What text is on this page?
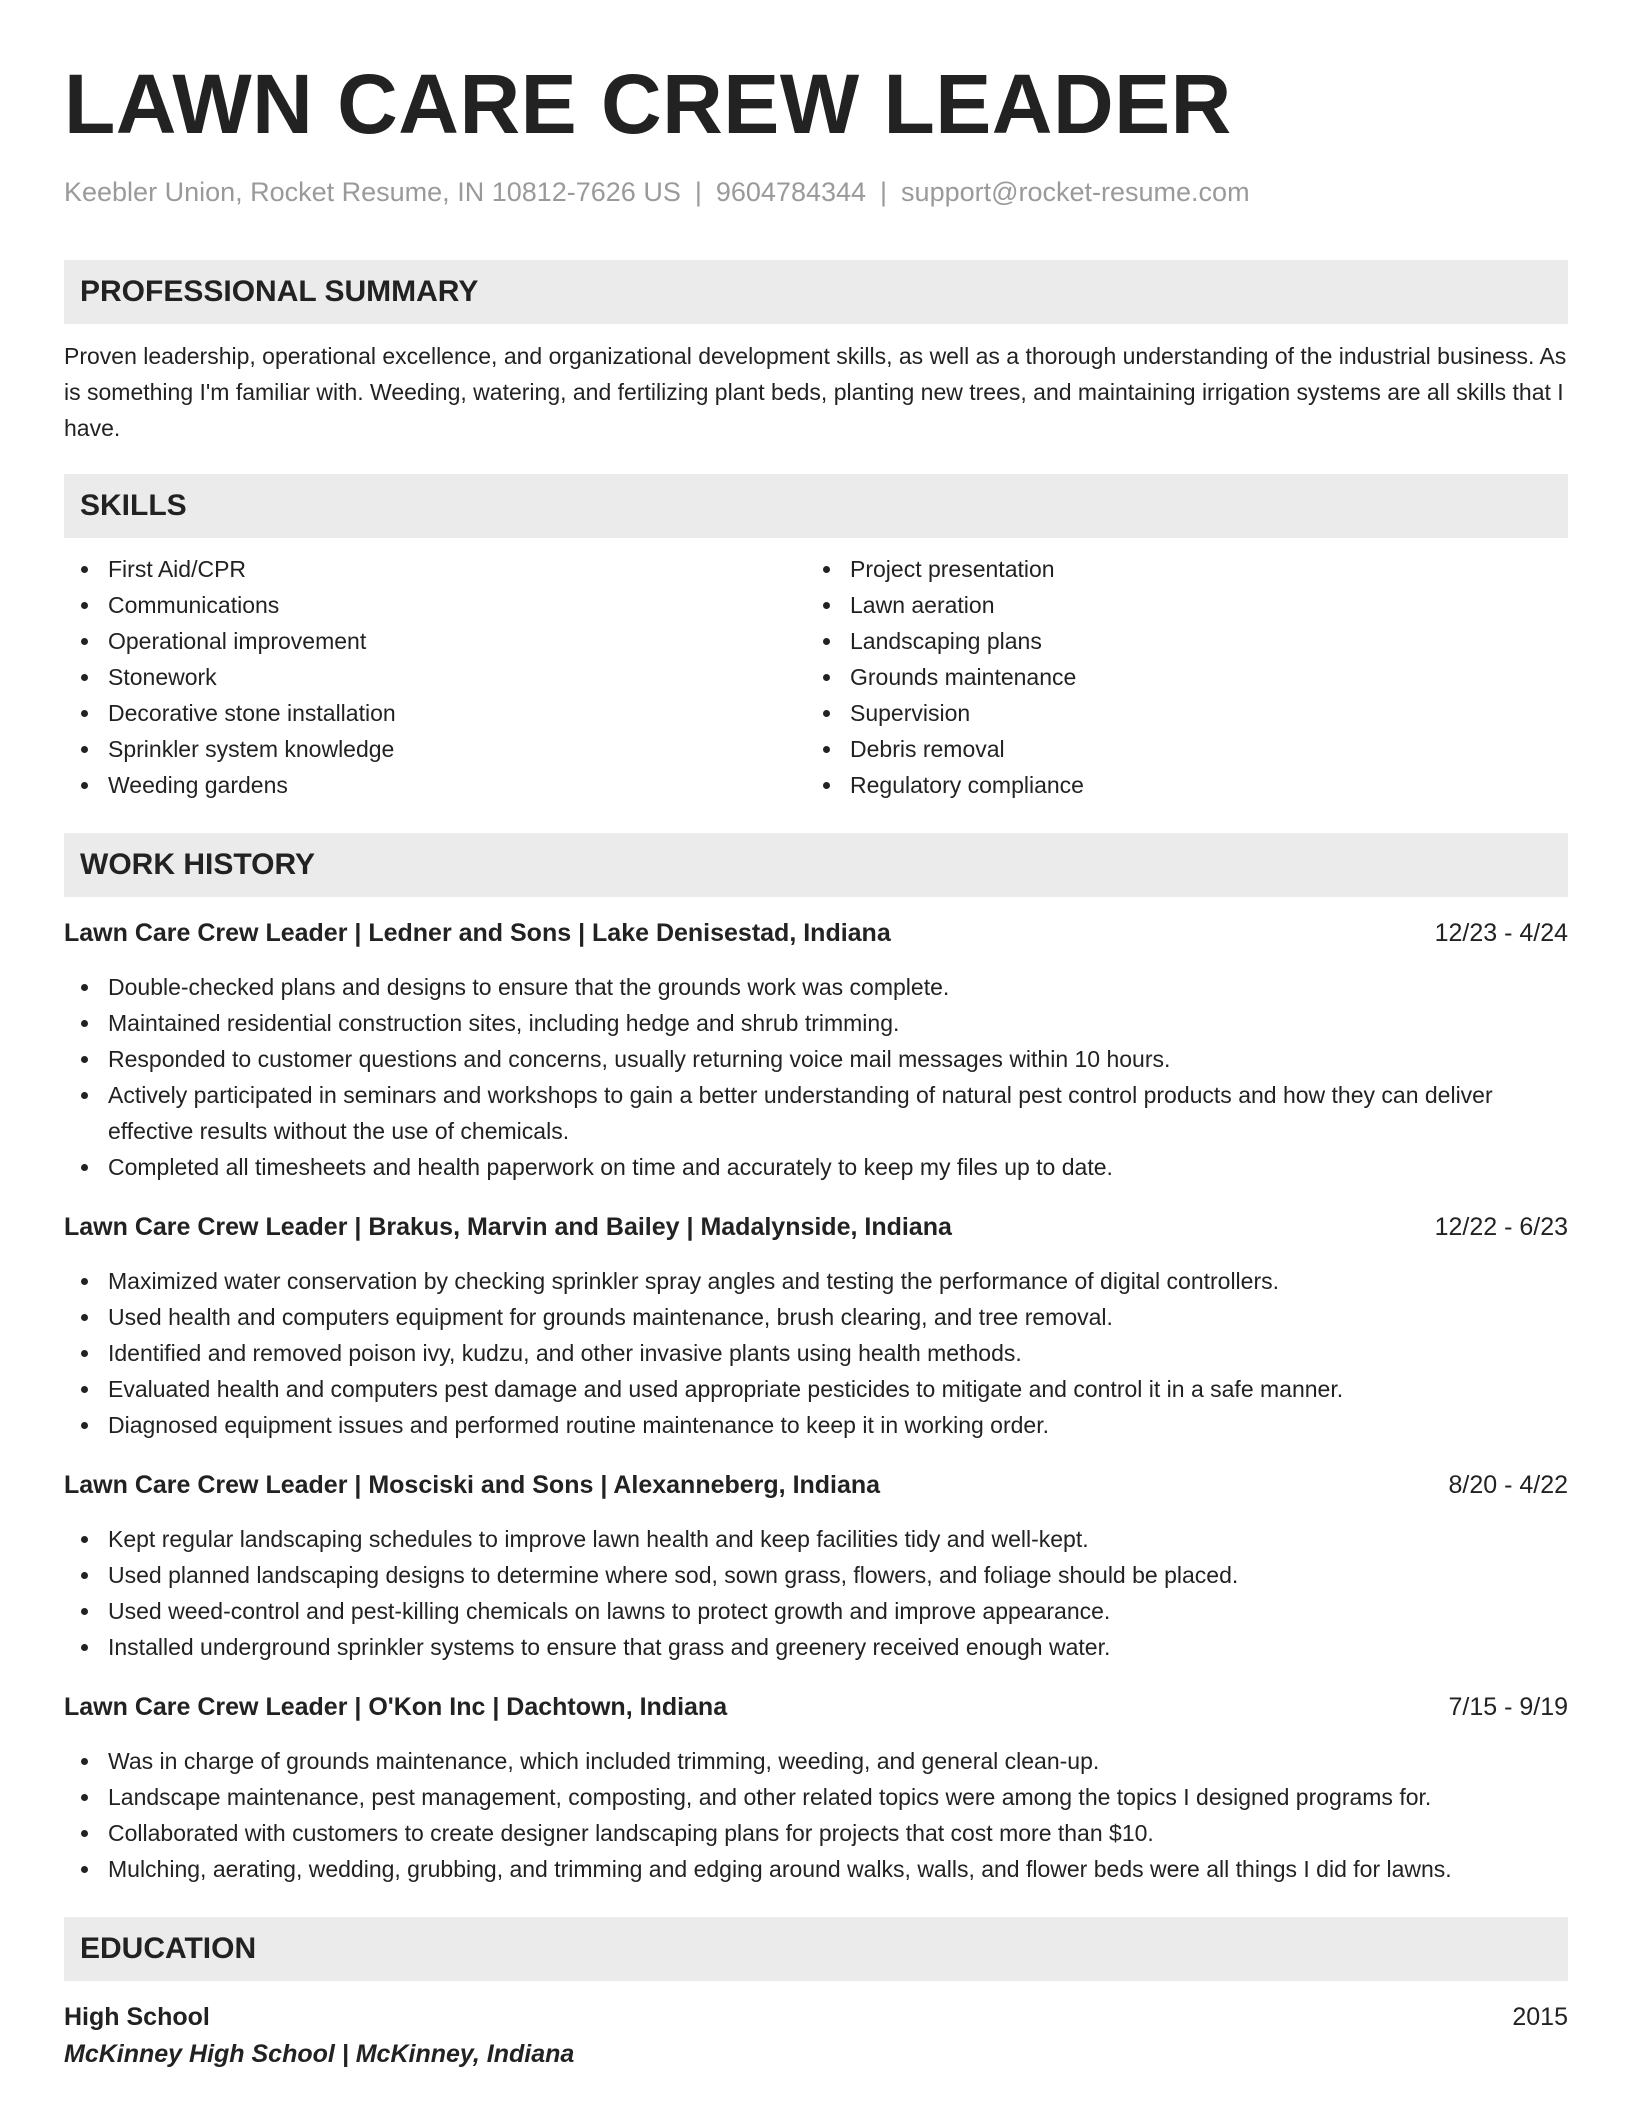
LAWN CARE CREW LEADER
Keebler Union, Rocket Resume, IN 10812-7626 US | 9604784344 | support@rocket-resume.com
PROFESSIONAL SUMMARY

Proven leadership, operational excellence, and organizational development skills, as well as a thorough understanding of the industrial business. As is something I'm familiar with. Weeding, watering, and fertilizing plant beds, planting new trees, and maintaining irrigation systems are all skills that I have.

SKILLS
First Aid/CPR
Communications
Operational improvement
Stonework
Decorative stone installation
Sprinkler system knowledge
Weeding gardens
Project presentation
Lawn aeration
Landscaping plans
Grounds maintenance
Supervision
Debris removal
Regulatory compliance
WORK HISTORY
Lawn Care Crew Leader | Ledner and Sons | Lake Denisestad, Indiana	12/23 - 4/24
Double-checked plans and designs to ensure that the grounds work was complete.
Maintained residential construction sites, including hedge and shrub trimming.
Responded to customer questions and concerns, usually returning voice mail messages within 10 hours.
Actively participated in seminars and workshops to gain a better understanding of natural pest control products and how they can deliver effective results without the use of chemicals.
Completed all timesheets and health paperwork on time and accurately to keep my files up to date.
Lawn Care Crew Leader | Brakus, Marvin and Bailey | Madalynside, Indiana	12/22 - 6/23
Maximized water conservation by checking sprinkler spray angles and testing the performance of digital controllers.
Used health and computers equipment for grounds maintenance, brush clearing, and tree removal.
Identified and removed poison ivy, kudzu, and other invasive plants using health methods.
Evaluated health and computers pest damage and used appropriate pesticides to mitigate and control it in a safe manner.
Diagnosed equipment issues and performed routine maintenance to keep it in working order.
Lawn Care Crew Leader | Mosciski and Sons | Alexanneberg, Indiana	8/20 - 4/22
Kept regular landscaping schedules to improve lawn health and keep facilities tidy and well-kept.
Used planned landscaping designs to determine where sod, sown grass, flowers, and foliage should be placed.
Used weed-control and pest-killing chemicals on lawns to protect growth and improve appearance.
Installed underground sprinkler systems to ensure that grass and greenery received enough water.
Lawn Care Crew Leader | O'Kon Inc | Dachtown, Indiana	7/15 - 9/19
Was in charge of grounds maintenance, which included trimming, weeding, and general clean-up.
Landscape maintenance, pest management, composting, and other related topics were among the topics I designed programs for.
Collaborated with customers to create designer landscaping plans for projects that cost more than $10.
Mulching, aerating, wedding, grubbing, and trimming and edging around walks, walls, and flower beds were all things I did for lawns.
EDUCATION
High School	2015
McKinney High School | McKinney, Indiana
